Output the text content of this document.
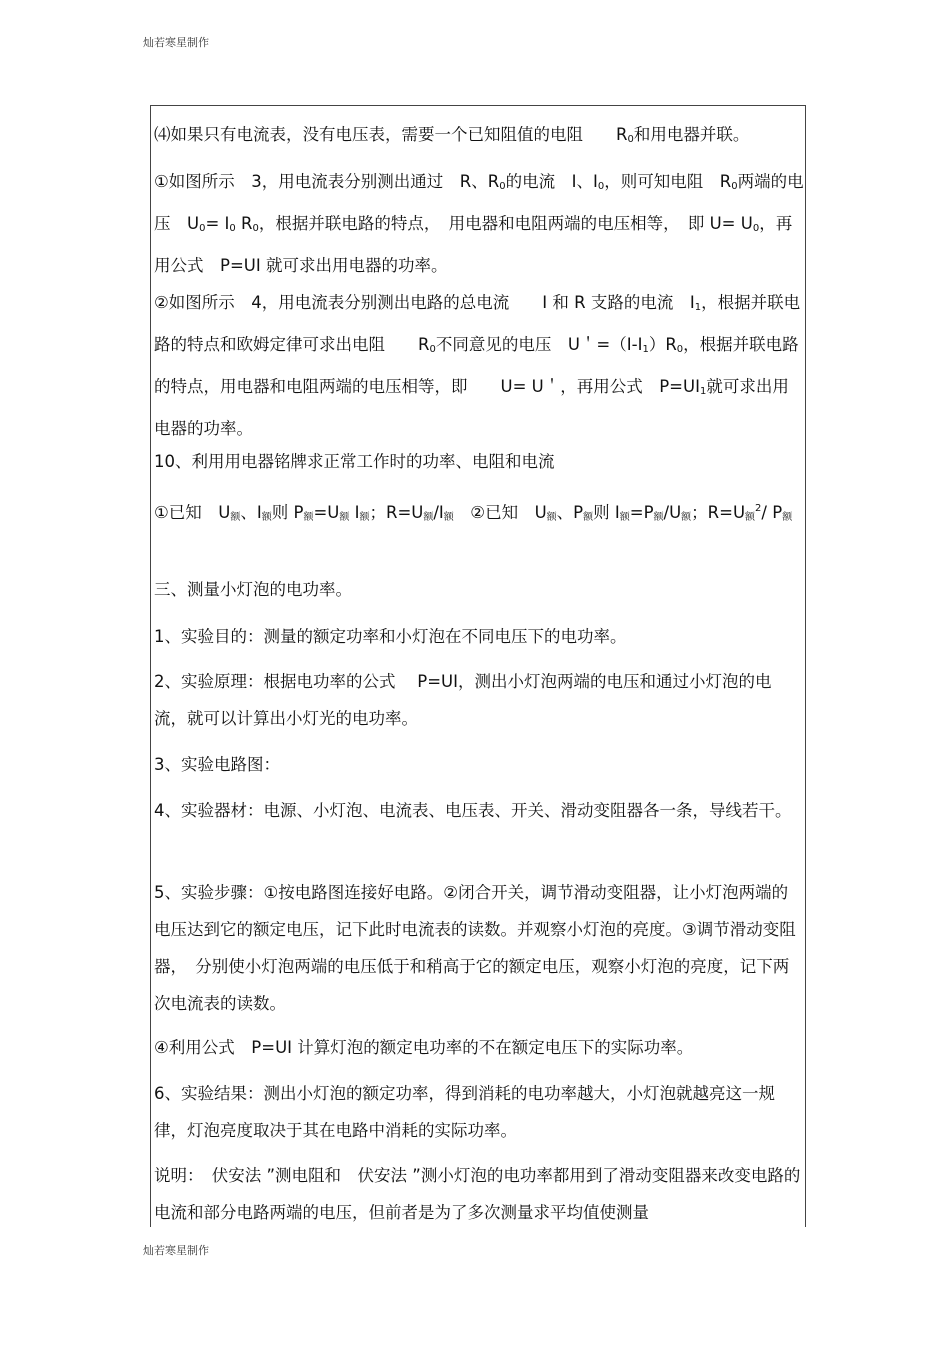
灿若寒星制作
⑷如果只有电流表，没有电压表，需要一个已知阻值的电阻　　$R_0$和用电器并联。
①如图所示　3，用电流表分别测出通过　R、$R_0$的电流　I、$I_0$，则可知电阻　$R_0$两端的电压　$U_0= I_0$ $R_0$，根据并联电路的特点，　用电器和电阻两端的电压相等，　即 $U= U_0$，再用公式　P=UI 就可求出用电器的功率。
②如图所示　4，用电流表分别测出电路的总电流　　I 和 R 支路的电流　$I_1$，根据并联电路的特点和欧姆定律可求出电阻　　$R_0$不同意见的电压　U＇$=(I-I_1)R_0$，根据并联电路的特点，用电器和电阻两端的电压相等，即　　U= U＇，再用公式　$P=UI_1$就可求出用电器的功率。
10、利用用电器铭牌求正常工作时的功率、电阻和电流
①已知　$U_额$、$I_额$则 $P_额=U_额$ $I_额$；$R=U_额/I_额$　②已知　$U_额$、$P_额$则 $I_额=P_额/U_额$；$R=U_额^2/$ $P_额$
三、测量小灯泡的电功率。
1、实验目的：测量的额定功率和小灯泡在不同电压下的电功率。
2、实验原理：根据电功率的公式　 P=UI，测出小灯泡两端的电压和通过小灯泡的电流，就可以计算出小灯光的电功率。
3、实验电路图：
4、实验器材：电源、小灯泡、电流表、电压表、开关、滑动变阻器各一条，导线若干。
5、实验步骤：①按电路图连接好电路。②闭合开关，调节滑动变阻器，让小灯泡两端的电压达到它的额定电压，记下此时电流表的读数。并观察小灯泡的亮度。③调节滑动变阻器，　分别使小灯泡两端的电压低于和稍高于它的额定电压，观察小灯泡的亮度，记下两次电流表的读数。
④利用公式　P=UI 计算灯泡的额定电功率的不在额定电压下的实际功率。
6、实验结果：测出小灯泡的额定功率，得到消耗的电功率越大，小灯泡就越亮这一规律，灯泡亮度取决于其在电路中消耗的实际功率。
说明：　伏安法 ”测电阻和　伏安法 ”测小灯泡的电功率都用到了滑动变阻器来改变电路的电流和部分电路两端的电压，但前者是为了多次测量求平均值使测量
灿若寒星制作
